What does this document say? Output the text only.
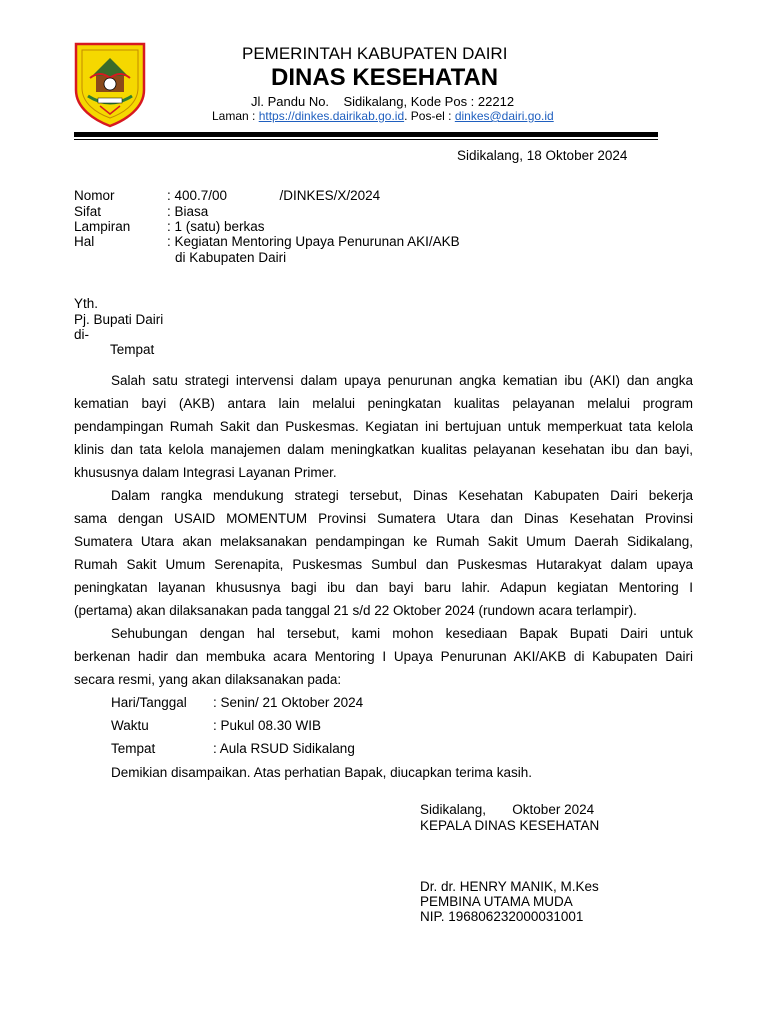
PEMERINTAH KABUPATEN DAIRI
DINAS KESEHATAN
Jl. Pandu No.    Sidikalang, Kode Pos : 22212
Laman : https://dinkes.dairikab.go.id. Pos-el : dinkes@dairi.go.id
Sidikalang, 18 Oktober 2024
Nomor	: 400.7/00              /DINKES/X/2024
Sifat	: Biasa
Lampiran	: 1 (satu) berkas
Hal	: Kegiatan Mentoring Upaya Penurunan AKI/AKB
di Kabupaten Dairi
Yth.
Pj. Bupati Dairi
di-
Tempat
Salah satu strategi intervensi dalam upaya penurunan angka kematian ibu (AKI) dan angka
kematian bayi (AKB) antara lain melalui peningkatan kualitas pelayanan melalui program
pendampingan Rumah Sakit dan Puskesmas. Kegiatan ini bertujuan untuk memperkuat tata kelola
klinis dan tata kelola manajemen dalam meningkatkan kualitas pelayanan kesehatan ibu dan bayi,
khususnya dalam Integrasi Layanan Primer.
Dalam rangka mendukung strategi tersebut, Dinas Kesehatan Kabupaten Dairi bekerja
sama dengan USAID MOMENTUM Provinsi Sumatera Utara dan Dinas Kesehatan Provinsi
Sumatera Utara akan melaksanakan pendampingan ke Rumah Sakit Umum Daerah Sidikalang,
Rumah Sakit Umum Serenapita, Puskesmas Sumbul dan Puskesmas Hutarakyat dalam upaya
peningkatan layanan khususnya bagi ibu dan bayi baru lahir. Adapun kegiatan Mentoring I
(pertama) akan dilaksanakan pada tanggal 21 s/d 22 Oktober 2024 (rundown acara terlampir).
Sehubungan dengan hal tersebut, kami mohon kesediaan Bapak Bupati Dairi untuk
berkenan hadir dan membuka acara Mentoring I Upaya Penurunan AKI/AKB di Kabupaten Dairi
secara resmi, yang akan dilaksanakan pada:
Hari/Tanggal : Senin/ 21 Oktober 2024
Waktu	: Pukul 08.30 WIB
Tempat	: Aula RSUD Sidikalang
Demikian disampaikan. Atas perhatian Bapak, diucapkan terima kasih.
Sidikalang,       Oktober 2024
KEPALA DINAS KESEHATAN
Dr. dr. HENRY MANIK, M.Kes
PEMBINA UTAMA MUDA
NIP. 196806232000031001
